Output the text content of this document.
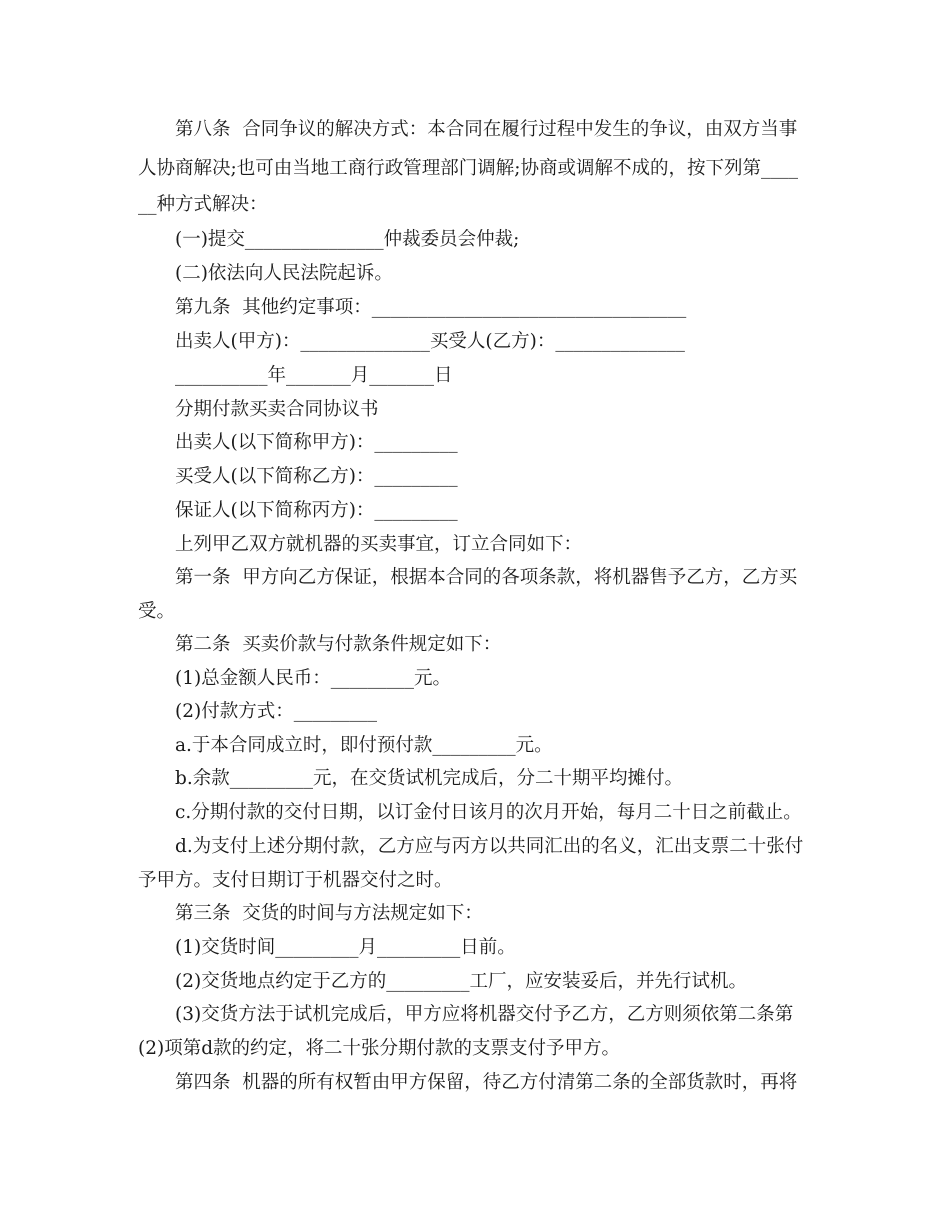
第八条  合同争议的解决方式：本合同在履行过程中发生的争议，由双方当事
人协商解决;也可由当地工商行政管理部门调解;协商或调解不成的，按下列第____
__种方式解决：
(一)提交_______________仲裁委员会仲裁;
(二)依法向人民法院起诉。
第九条  其他约定事项：__________________________________
出卖人(甲方)：______________买受人(乙方)：______________
__________年_______月_______日
分期付款买卖合同协议书
出卖人(以下简称甲方)：_________
买受人(以下简称乙方)：_________
保证人(以下简称丙方)：_________
上列甲乙双方就机器的买卖事宜，订立合同如下：
第一条  甲方向乙方保证，根据本合同的各项条款，将机器售予乙方，乙方买
受。
第二条  买卖价款与付款条件规定如下：
(1)总金额人民币：_________元。
(2)付款方式：_________
a.于本合同成立时，即付预付款_________元。
b.余款_________元，在交货试机完成后，分二十期平均摊付。
c.分期付款的交付日期，以订金付日该月的次月开始，每月二十日之前截止。
d.为支付上述分期付款，乙方应与丙方以共同汇出的名义，汇出支票二十张付
予甲方。支付日期订于机器交付之时。
第三条  交货的时间与方法规定如下：
(1)交货时间_________月_________日前。
(2)交货地点约定于乙方的_________工厂，应安装妥后，并先行试机。
(3)交货方法于试机完成后，甲方应将机器交付予乙方，乙方则须依第二条第
(2)项第d款的约定，将二十张分期付款的支票支付予甲方。
第四条  机器的所有权暂由甲方保留，待乙方付清第二条的全部货款时，再将
